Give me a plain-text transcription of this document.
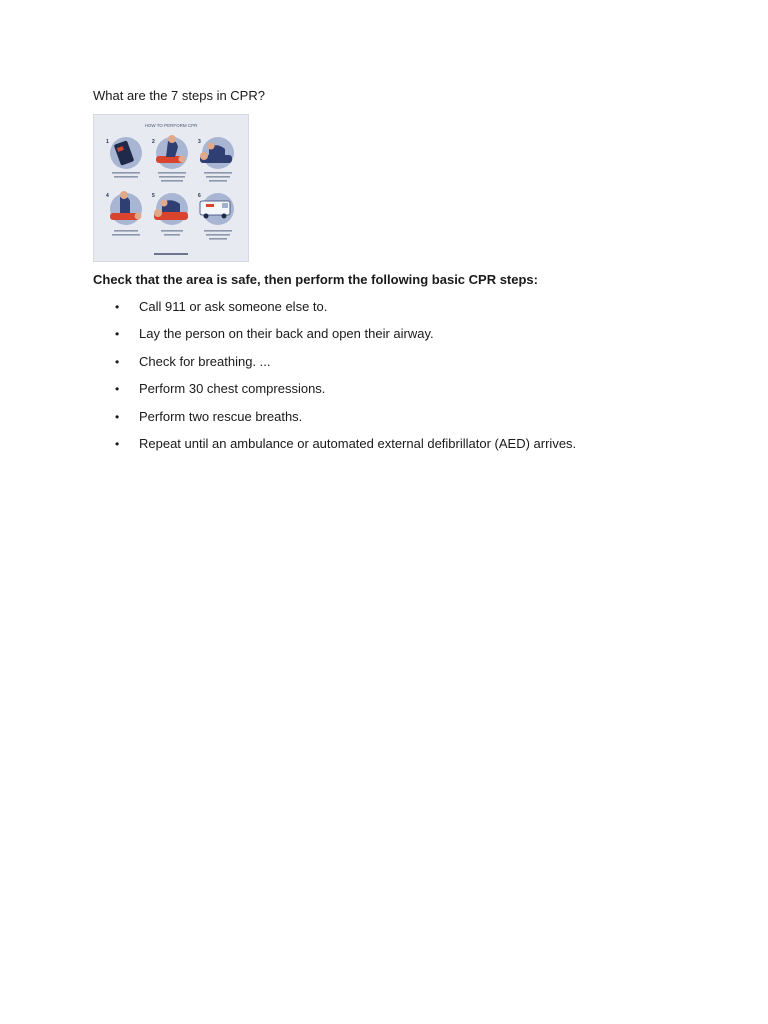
What are the 7 steps in CPR?
HOW TO PERFORM CPR
1	2	3
4	5	6
Check that the area is safe, then perform the following basic CPR steps:
• Call 911 or ask someone else to.
• Lay the person on their back and open their airway.
• Check for breathing. ...
• Perform 30 chest compressions.
• Perform two rescue breaths.
• Repeat until an ambulance or automated external defibrillator (AED) arrives.
